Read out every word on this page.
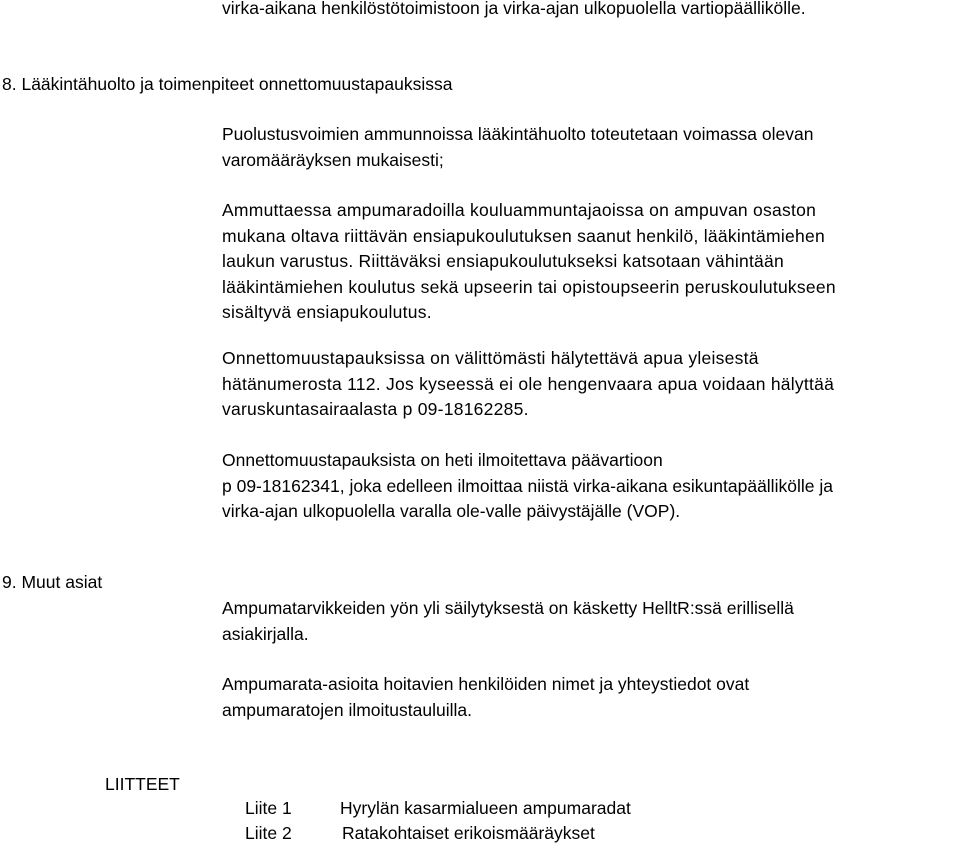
virka-aikana henkilöstötoimistoon ja virka-ajan ulkopuolella vartiopäällikölle.

8. Lääkintähuolto ja toimenpiteet onnettomuustapauksissa

Puolustusvoimien ammunnoissa lääkintähuolto toteutetaan voimassa olevan
varomääräyksen mukaisesti;

Ammuttaessa ampumaradoilla kouluammuntajaoissa on ampuvan osaston
mukana oltava riittävän ensiapukoulutuksen saanut henkilö, lääkintämiehen
laukun varustus. Riittäväksi ensiapukoulutukseksi katsotaan vähintään
lääkintämiehen koulutus sekä upseerin tai opistoupseerin peruskoulutukseen
sisältyvä ensiapukoulutus.

Onnettomuustapauksissa on välittömästi hälytettävä apua yleisestä
hätänumerosta 112. Jos kyseessä ei ole hengenvaara apua voidaan hälyttää
varuskuntasairaalasta p 09-18162285.

Onnettomuustapauksista on heti ilmoitettava päävartioon
p 09-18162341, joka edelleen ilmoittaa niistä virka-aikana esikuntapäällikölle ja
virka-ajan ulkopuolella varalla ole-valle päivystäjälle (VOP).

9. Muut asiat

Ampumatarvikkeiden yön yli säilytyksestä on käsketty HelltR:ssä erillisellä
asiakirjalla.

Ampumarata-asioita hoitavien henkilöiden nimet ja yhteystiedot ovat
ampumaratojen ilmoitustauluilla.

LIITTEET

Liite 1	Hyrylän kasarmialueen ampumaradat

Liite 2	Ratakohtaiset erikoismääräykset
